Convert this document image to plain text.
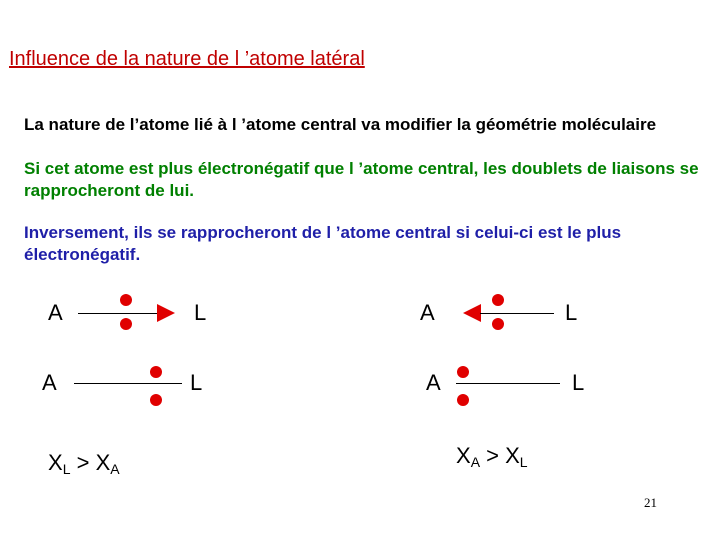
Influence de la nature de l ’atome latéral
La nature de l’atome lié à l ’atome central va modifier la géométrie moléculaire
Si cet atome est plus électronégatif que l ’atome central, les doublets de liaisons se rapprocheront de lui.
Inversement, ils se rapprocheront de l ’atome central si celui-ci est le plus électronégatif.
A	L
A	L
A	L
A	L
$X_L > X_A$
$X_A > X_L$
21
